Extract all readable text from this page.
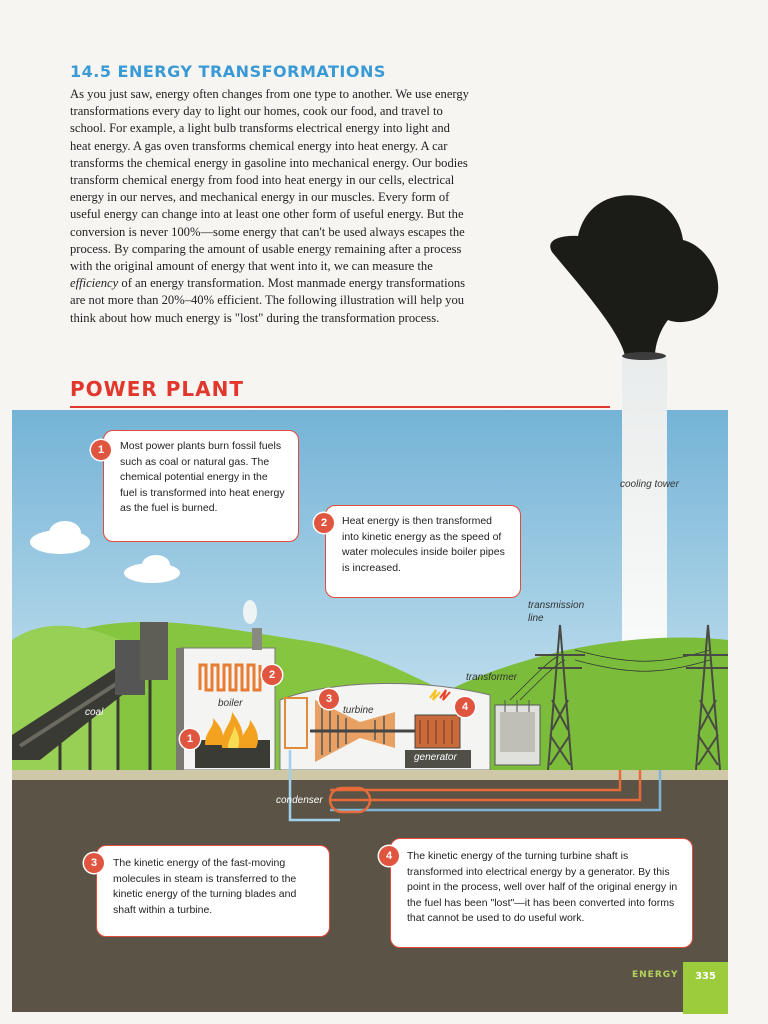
14.5 ENERGY TRANSFORMATIONS

As you just saw, energy often changes from one type to another. We use energy transformations every day to light our homes, cook our food, and travel to school. For example, a light bulb transforms electrical energy into light and heat energy. A gas oven transforms chemical energy into heat energy. A car transforms the chemical energy in gasoline into mechanical energy. Our bodies transform chemical energy from food into heat energy in our cells, electrical energy in our nerves, and mechanical energy in our muscles. Every form of useful energy can change into at least one other form of useful energy. But the conversion is never 100%—some energy that can't be used always escapes the process. By comparing the amount of usable energy remaining after a process with the original amount of energy that went into it, we can measure the efficiency of an energy transformation. Most manmade energy transformations are not more than 20%–40% efficient. The following illustration will help you think about how much energy is "lost" during the transformation process.

POWER PLANT
cooling tower
transmission line
transformer
coal
boiler
turbine
generator
condenser
1
2
3
4
Most power plants burn fossil fuels such as coal or natural gas. The chemical potential energy in the fuel is transformed into heat energy as the fuel is burned.
1
Heat energy is then transformed into kinetic energy as the speed of water molecules inside boiler pipes is increased.
2
The kinetic energy of the fast-moving molecules in steam is transferred to the kinetic energy of the turning blades and shaft within a turbine.
3
The kinetic energy of the turning turbine shaft is transformed into electrical energy by a generator. By this point in the process, well over half of the original energy in the fuel has been "lost"—it has been converted into forms that cannot be used to do useful work.
4
ENERGY	335
